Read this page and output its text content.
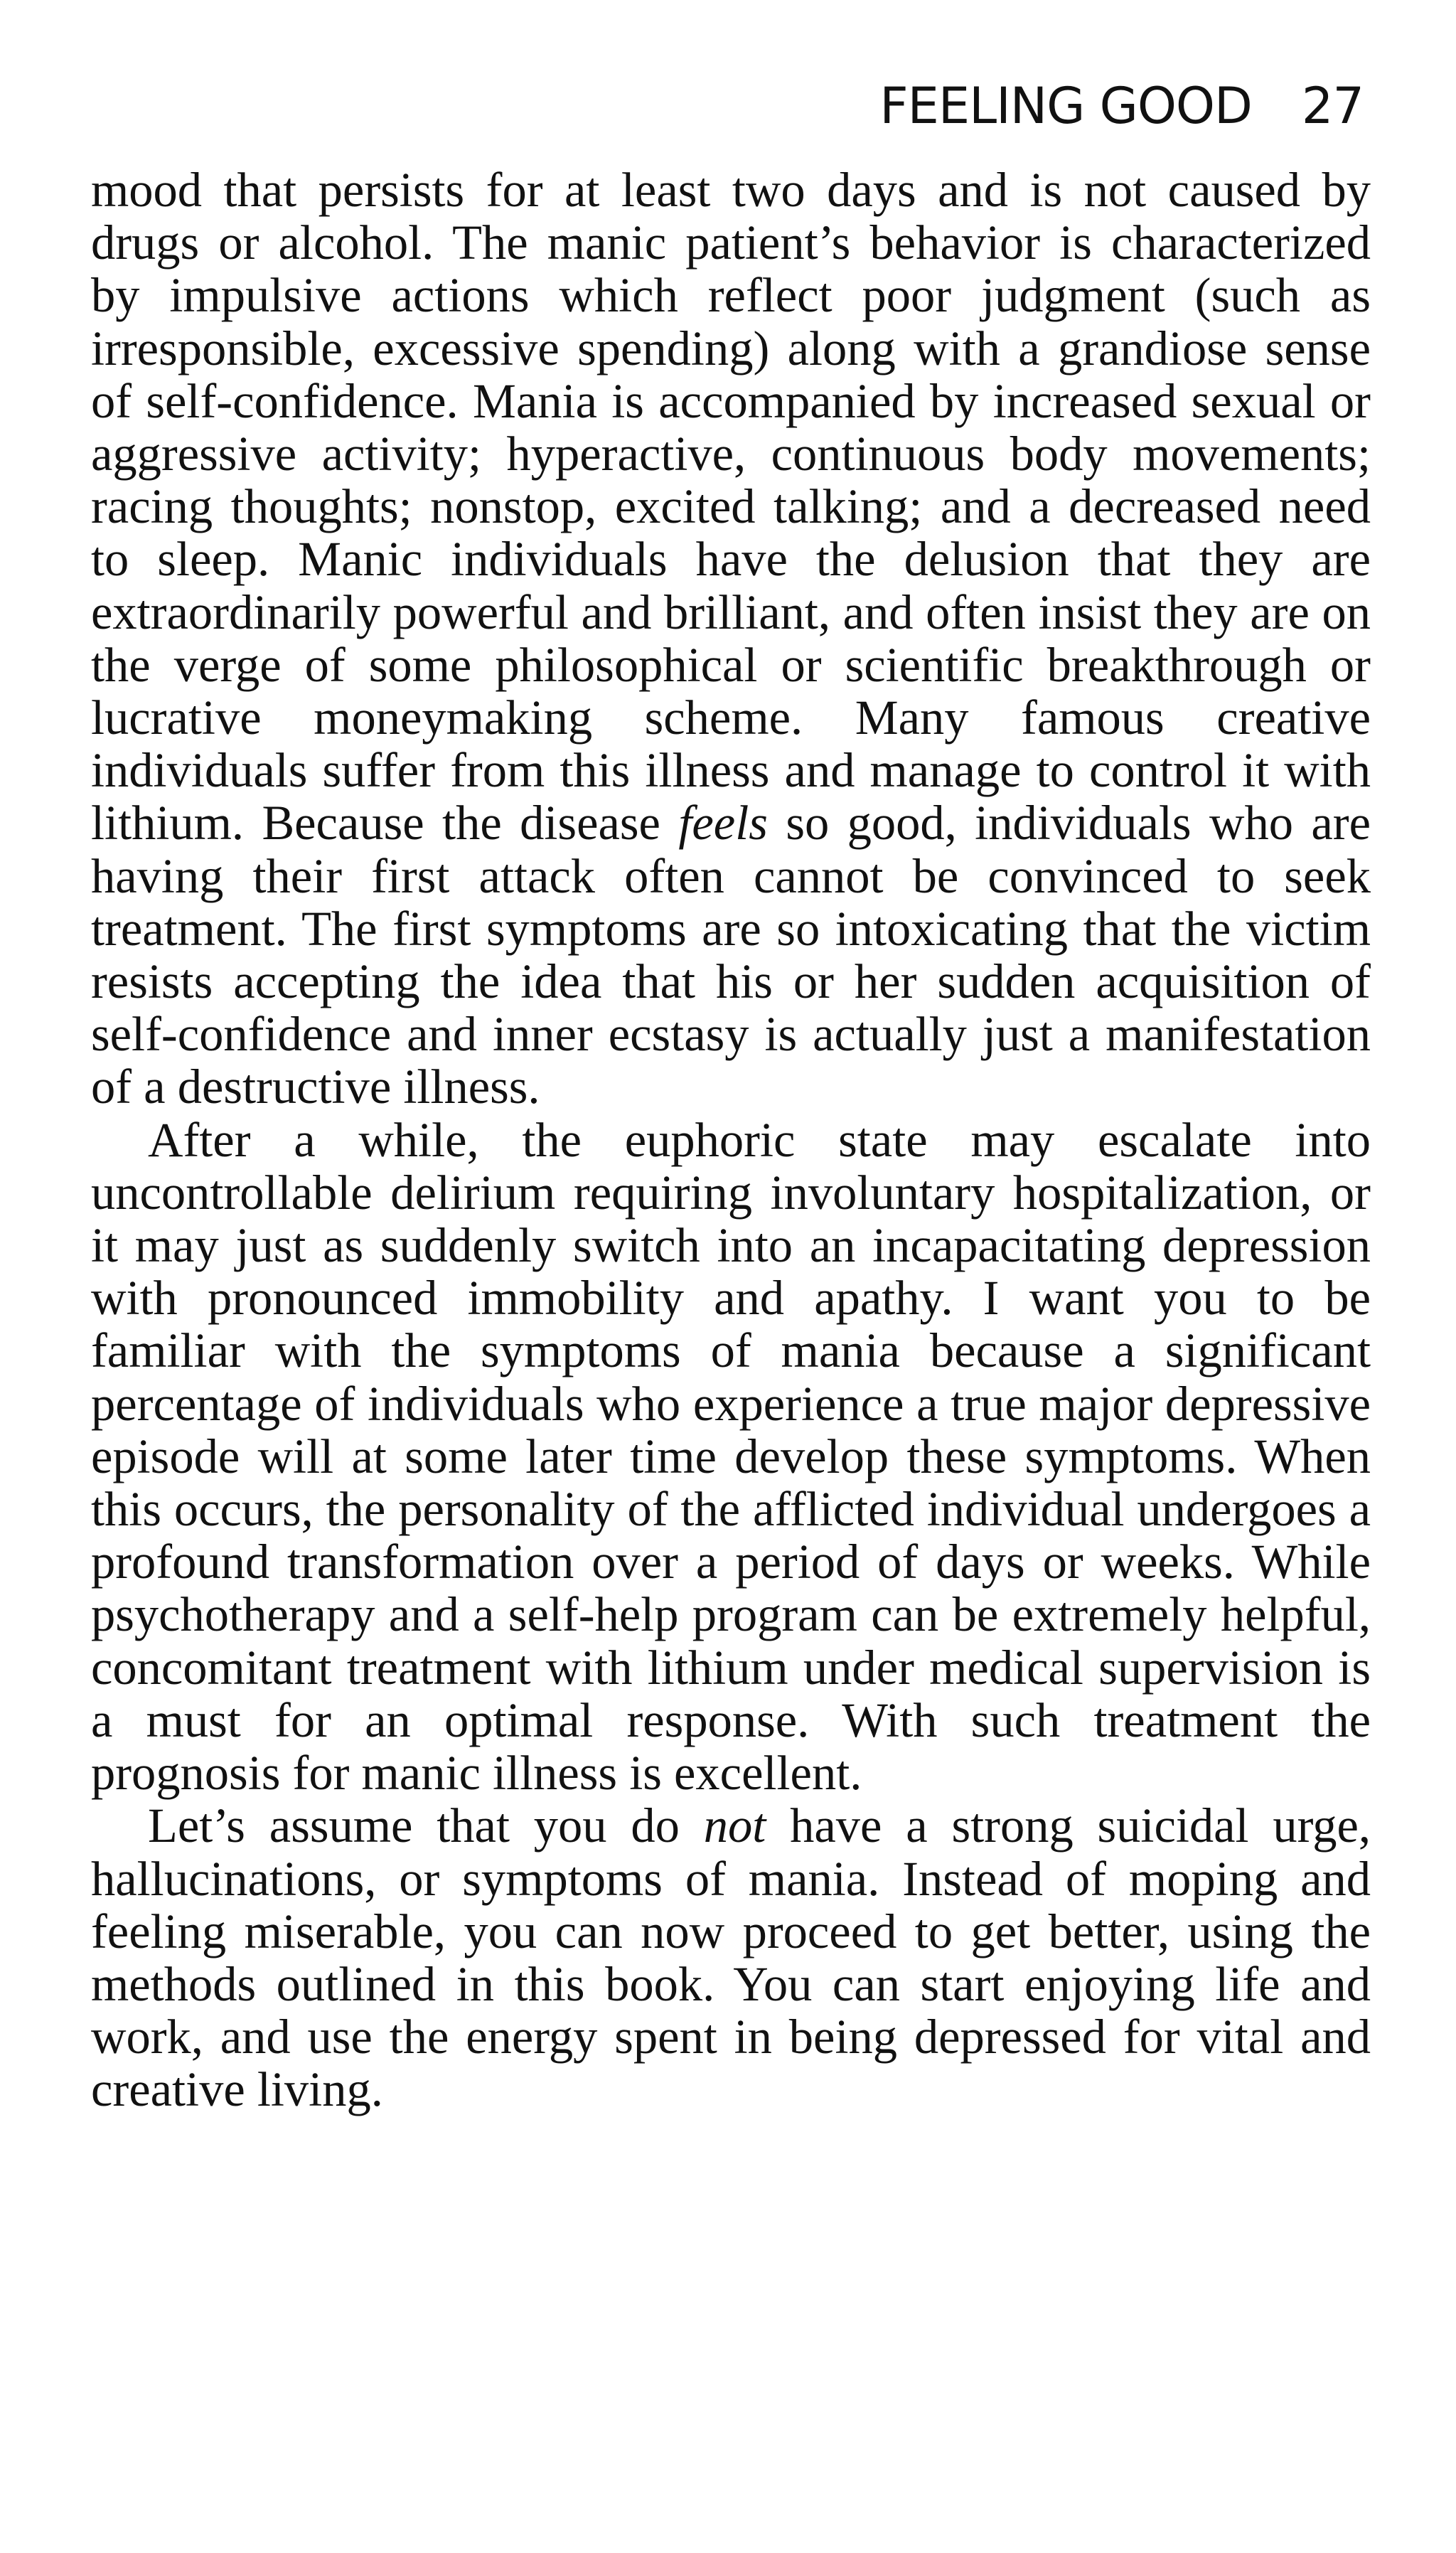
FEELING GOOD 27

mood that persists for at least two days and is not caused by drugs or alcohol. The manic patient’s behavior is characterized by impulsive actions which reflect poor judgment (such as irresponsible, excessive spending) along with a grandiose sense of self-confidence. Mania is accompanied by increased sexual or aggressive activity; hyperactive, continuous body movements; racing thoughts; nonstop, excited talking; and a decreased need to sleep. Manic individuals have the delusion that they are extraordinarily powerful and brilliant, and often insist they are on the verge of some philosophical or scientific breakthrough or lucrative moneymaking scheme. Many famous creative individuals suffer from this illness and manage to control it with lithium. Because the disease feels so good, individuals who are having their first attack often cannot be convinced to seek treatment. The first symptoms are so intoxicating that the victim resists accepting the idea that his or her sudden acquisition of self-confidence and inner ecstasy is actually just a manifestation of a destructive illness.

After a while, the euphoric state may escalate into uncontrollable delirium requiring involuntary hospitalization, or it may just as suddenly switch into an incapacitating depression with pronounced immobility and apathy. I want you to be familiar with the symptoms of mania because a significant percentage of individuals who experience a true major depressive episode will at some later time develop these symptoms. When this occurs, the personality of the afflicted individual undergoes a profound transformation over a period of days or weeks. While psychotherapy and a self-help program can be extremely helpful, concomitant treatment with lithium under medical supervision is a must for an optimal response. With such treatment the prognosis for manic illness is excellent.

Let’s assume that you do not have a strong suicidal urge, hallucinations, or symptoms of mania. Instead of moping and feeling miserable, you can now proceed to get better, using the methods outlined in this book. You can start enjoying life and work, and use the energy spent in being depressed for vital and creative living.
